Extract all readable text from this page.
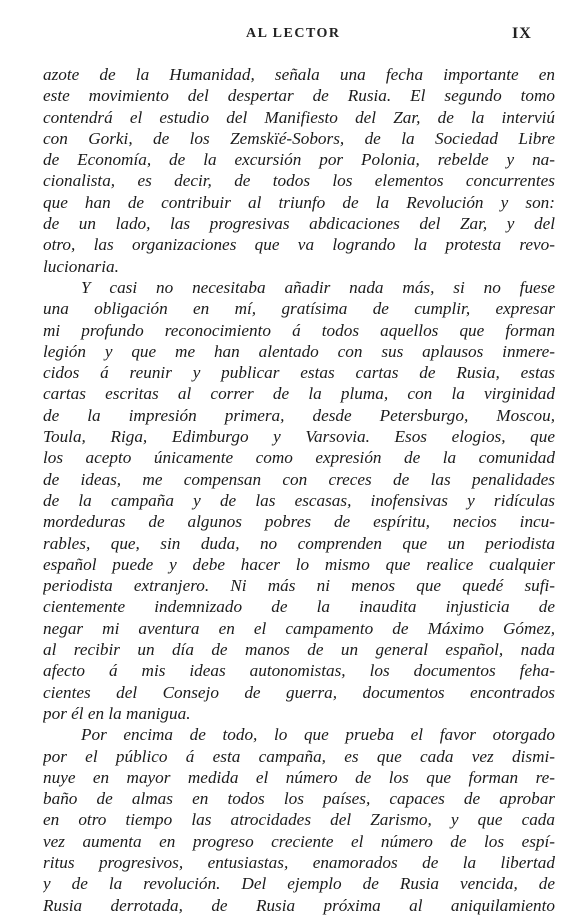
AL LECTOR	IX
azote de la Humanidad, señala una fecha importante en
este movimiento del despertar de Rusia. El segundo tomo
contendrá el estudio del Manifiesto del Zar, de la interviú
con Gorki, de los Zemskïé-Sobors, de la Sociedad Libre
de Economía, de la excursión por Polonia, rebelde y na-
cionalista, es decir, de todos los elementos concurrentes
que han de contribuir al triunfo de la Revolución y son:
de un lado, las progresivas abdicaciones del Zar, y del
otro, las organizaciones que va logrando la protesta revo-
lucionaria.
Y casi no necesitaba añadir nada más, si no fuese
una obligación en mí, gratísima de cumplir, expresar
mi profundo reconocimiento á todos aquellos que forman
legión y que me han alentado con sus aplausos inmere-
cidos á reunir y publicar estas cartas de Rusia, estas
cartas escritas al correr de la pluma, con la virginidad
de la impresión primera, desde Petersburgo, Moscou,
Toula, Riga, Edimburgo y Varsovia. Esos elogios, que
los acepto únicamente como expresión de la comunidad
de ideas, me compensan con creces de las penalidades
de la campaña y de las escasas, inofensivas y ridículas
mordeduras de algunos pobres de espíritu, necios incu-
rables, que, sin duda, no comprenden que un periodista
español puede y debe hacer lo mismo que realice cualquier
periodista extranjero. Ni más ni menos que quedé sufi-
cientemente indemnizado de la inaudita injusticia de
negar mi aventura en el campamento de Máximo Gómez,
al recibir un día de manos de un general español, nada
afecto á mis ideas autonomistas, los documentos feha-
cientes del Consejo de guerra, documentos encontrados
por él en la manigua.
Por encima de todo, lo que prueba el favor otorgado
por el público á esta campaña, es que cada vez dismi-
nuye en mayor medida el número de los que forman re-
baño de almas en todos los países, capaces de aprobar
en otro tiempo las atrocidades del Zarismo, y que cada
vez aumenta en progreso creciente el número de los espí-
ritus progresivos, entusiastas, enamorados de la libertad
y de la revolución. Del ejemplo de Rusia vencida, de
Rusia derrotada, de Rusia próxima al aniquilamiento
